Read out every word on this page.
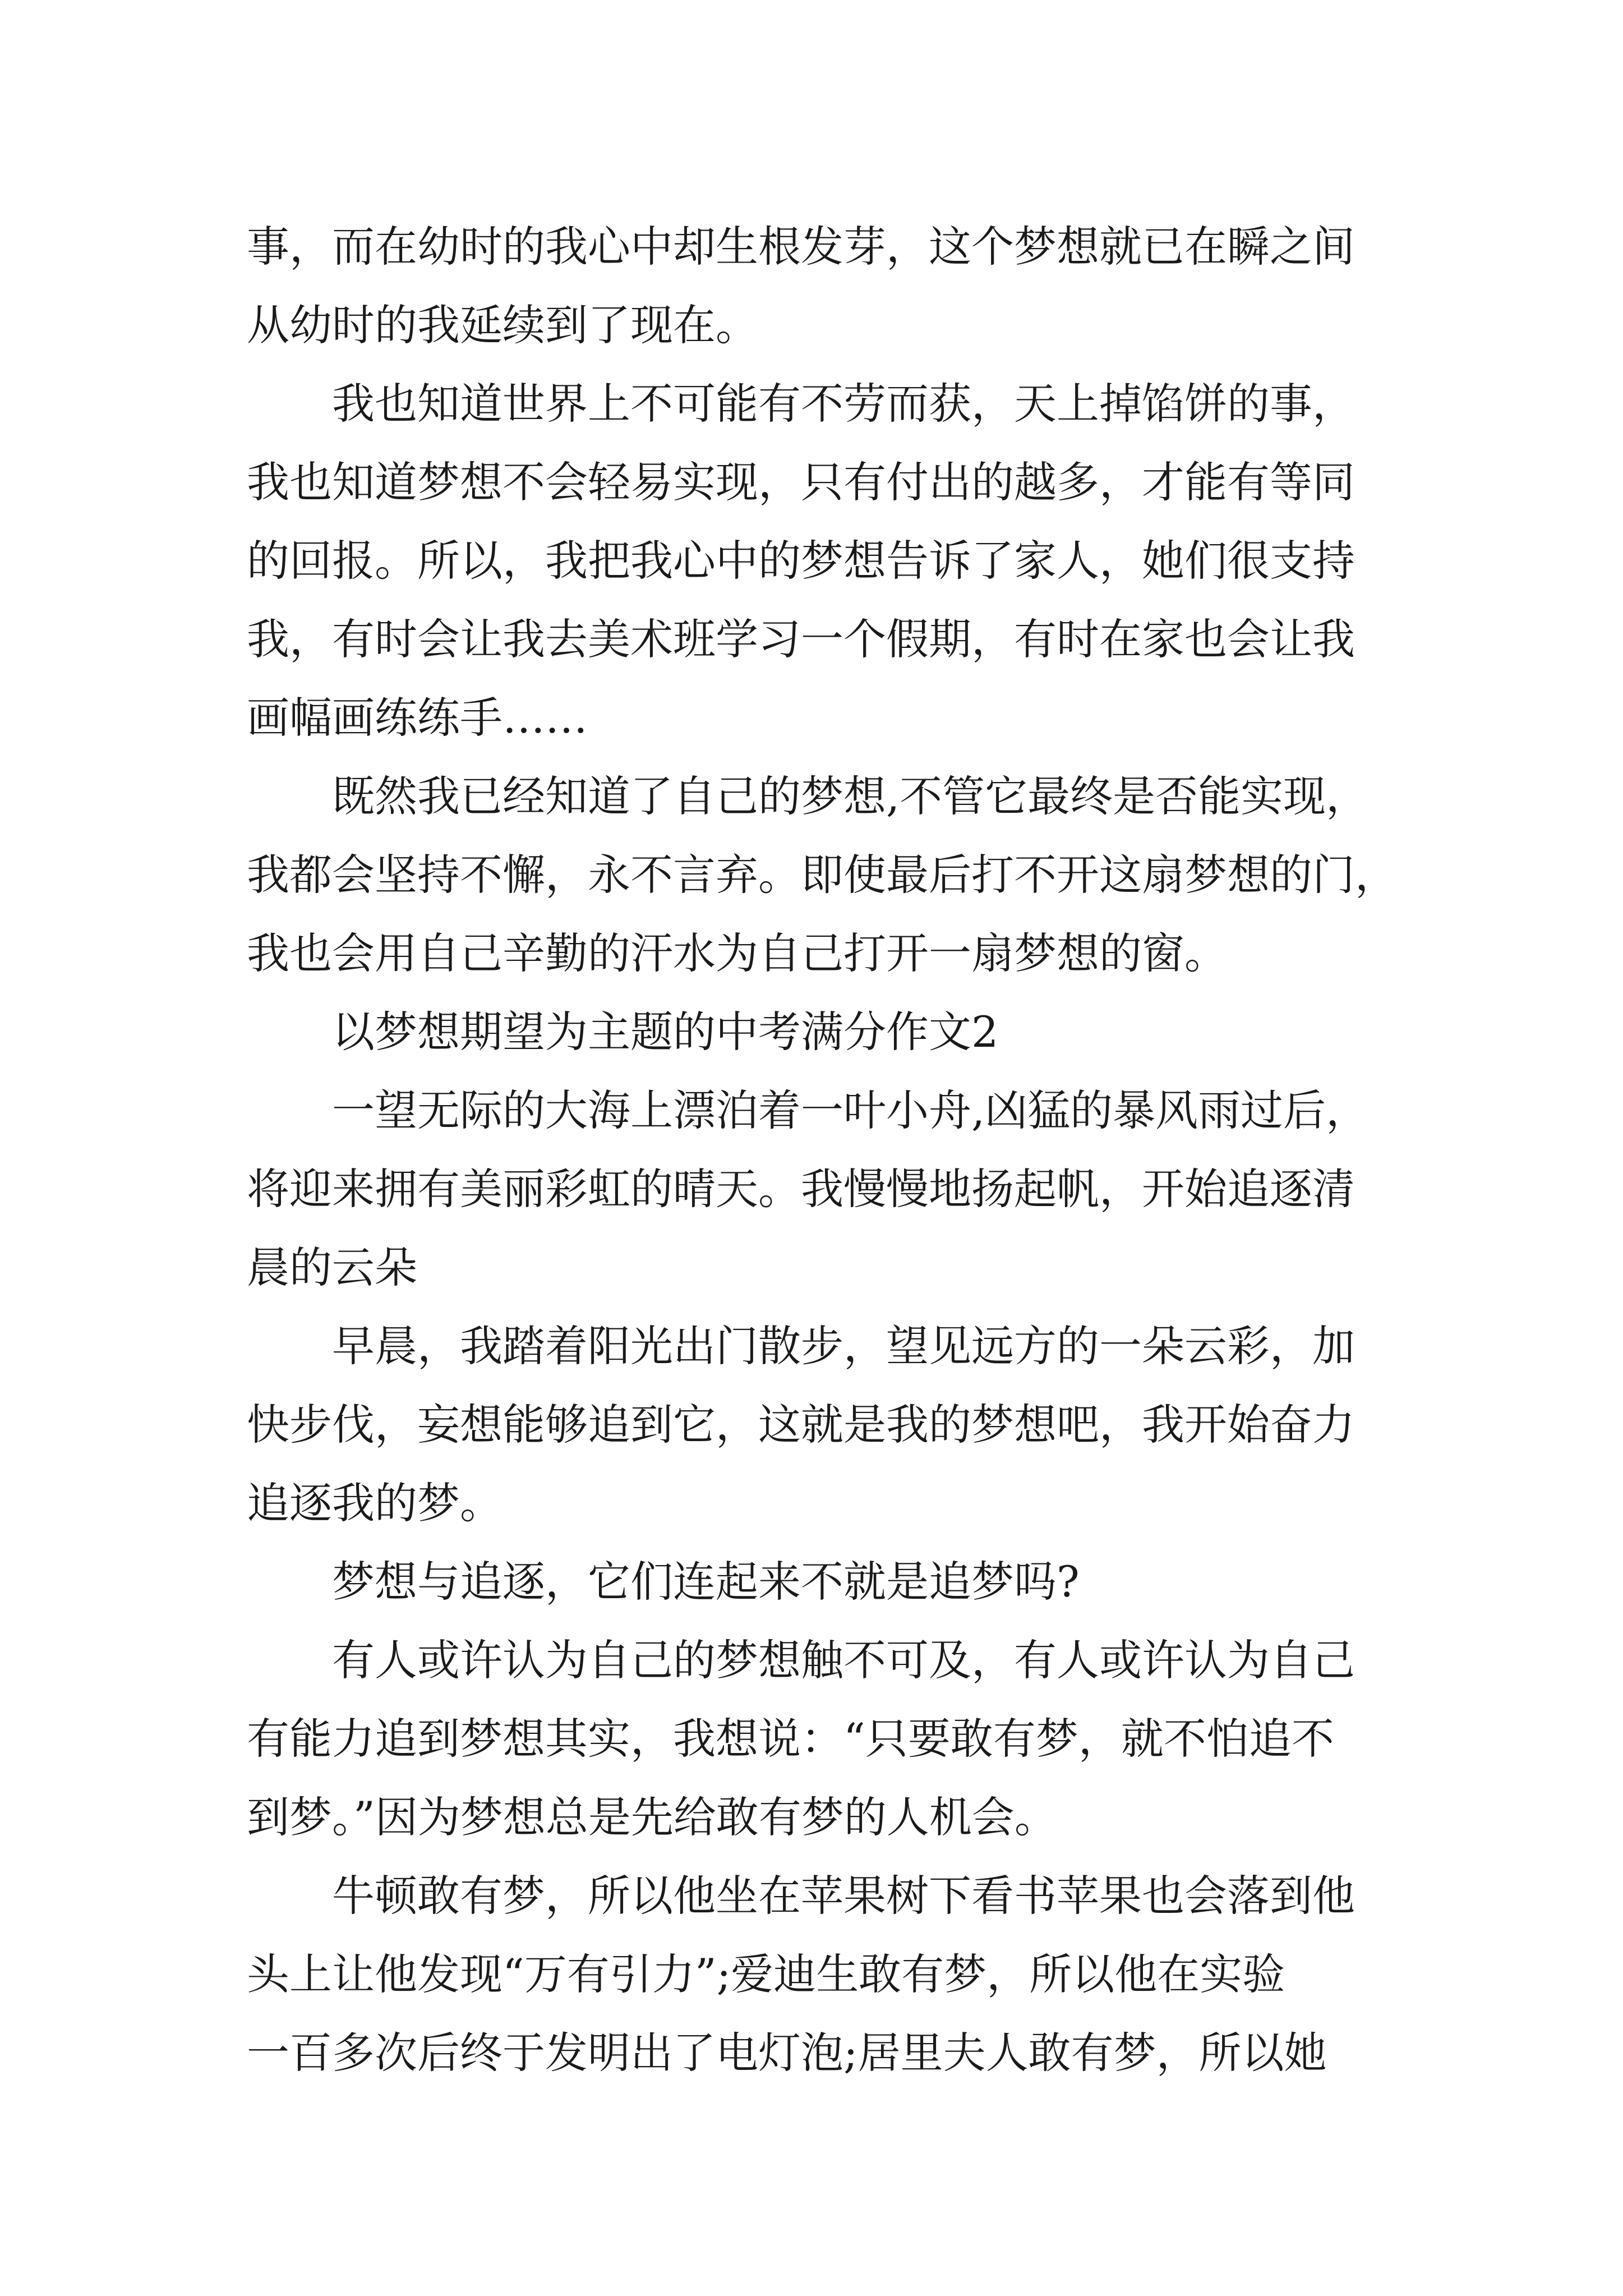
事，而在幼时的我心中却生根发芽，这个梦想就已在瞬之间
从幼时的我延续到了现在。

我也知道世界上不可能有不劳而获，天上掉馅饼的事，
我也知道梦想不会轻易实现，只有付出的越多，才能有等同
的回报。所以，我把我心中的梦想告诉了家人，她们很支持
我，有时会让我去美术班学习一个假期，有时在家也会让我
画幅画练练手……

既然我已经知道了自己的梦想,不管它最终是否能实现，
我都会坚持不懈，永不言弃。即使最后打不开这扇梦想的门，
我也会用自己辛勤的汗水为自己打开一扇梦想的窗。

以梦想期望为主题的中考满分作文2

一望无际的大海上漂泊着一叶小舟,凶猛的暴风雨过后，
将迎来拥有美丽彩虹的晴天。我慢慢地扬起帆，开始追逐清
晨的云朵

早晨，我踏着阳光出门散步，望见远方的一朵云彩，加
快步伐，妄想能够追到它，这就是我的梦想吧，我开始奋力
追逐我的梦。

梦想与追逐，它们连起来不就是追梦吗?

有人或许认为自己的梦想触不可及，有人或许认为自己
有能力追到梦想其实，我想说：“只要敢有梦，就不怕追不
到梦。”因为梦想总是先给敢有梦的人机会。

牛顿敢有梦，所以他坐在苹果树下看书苹果也会落到他
头上让他发现“万有引力”;爱迪生敢有梦，所以他在实验
一百多次后终于发明出了电灯泡;居里夫人敢有梦，所以她
